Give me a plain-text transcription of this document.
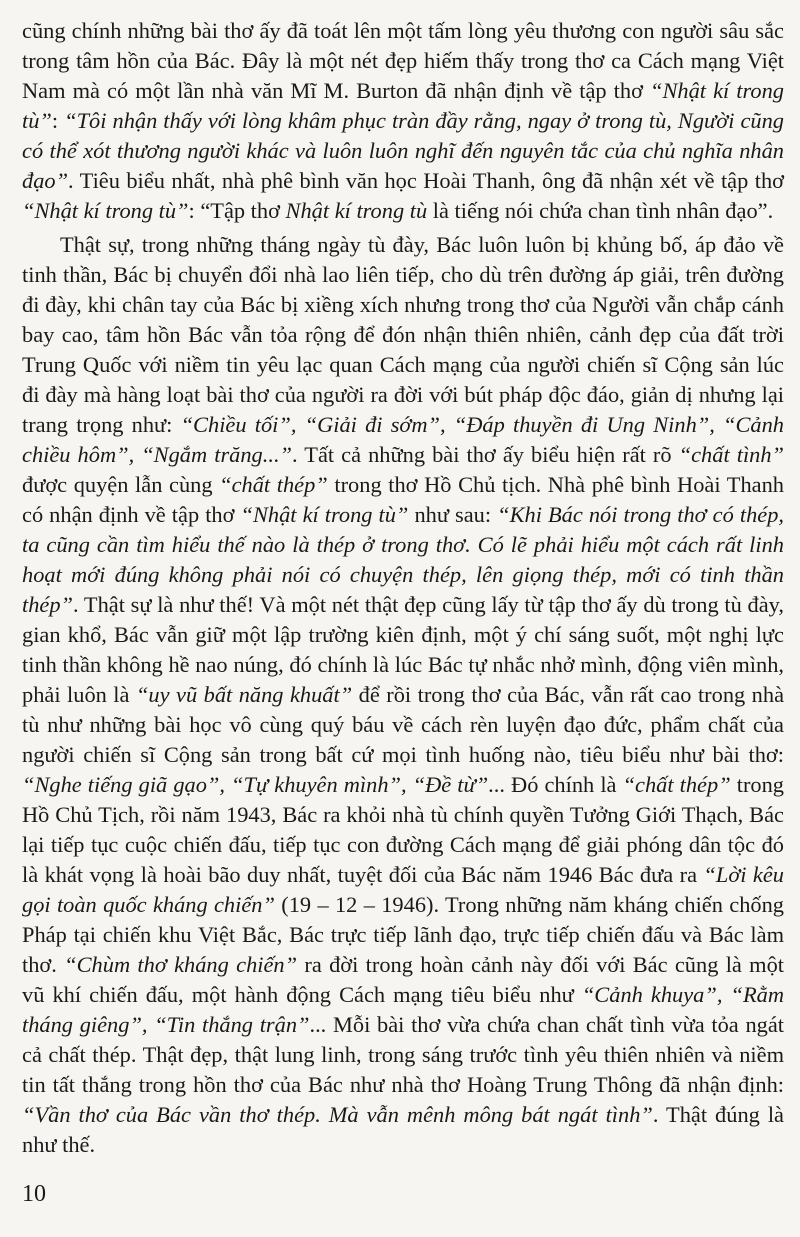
cũng chính những bài thơ ấy đã toát lên một tấm lòng yêu thương con người sâu sắc trong tâm hồn của Bác. Đây là một nét đẹp hiếm thấy trong thơ ca Cách mạng Việt Nam mà có một lần nhà văn Mĩ M. Burton đã nhận định về tập thơ “Nhật kí trong tù”: “Tôi nhận thấy với lòng khâm phục tràn đầy rằng, ngay ở trong tù, Người cũng có thể xót thương người khác và luôn luôn nghĩ đến nguyên tắc của chủ nghĩa nhân đạo”. Tiêu biểu nhất, nhà phê bình văn học Hoài Thanh, ông đã nhận xét về tập thơ “Nhật kí trong tù”: “Tập thơ Nhật kí trong tù là tiếng nói chứa chan tình nhân đạo”.

Thật sự, trong những tháng ngày tù đày, Bác luôn luôn bị khủng bố, áp đảo về tinh thần, Bác bị chuyển đổi nhà lao liên tiếp, cho dù trên đường áp giải, trên đường đi đày, khi chân tay của Bác bị xiềng xích nhưng trong thơ của Người vẫn chắp cánh bay cao, tâm hồn Bác vẫn tỏa rộng để đón nhận thiên nhiên, cảnh đẹp của đất trời Trung Quốc với niềm tin yêu lạc quan Cách mạng của người chiến sĩ Cộng sản lúc đi đày mà hàng loạt bài thơ của người ra đời với bút pháp độc đáo, giản dị nhưng lại trang trọng như: “Chiều tối”, “Giải đi sớm”, “Đáp thuyền đi Ung Ninh”, “Cảnh chiều hôm”, “Ngắm trăng...”. Tất cả những bài thơ ấy biểu hiện rất rõ “chất tình” được quyện lẫn cùng “chất thép” trong thơ Hồ Chủ tịch. Nhà phê bình Hoài Thanh có nhận định về tập thơ “Nhật kí trong tù” như sau: “Khi Bác nói trong thơ có thép, ta cũng cần tìm hiểu thế nào là thép ở trong thơ. Có lẽ phải hiểu một cách rất linh hoạt mới đúng không phải nói có chuyện thép, lên giọng thép, mới có tinh thần thép”. Thật sự là như thế! Và một nét thật đẹp cũng lấy từ tập thơ ấy dù trong tù đày, gian khổ, Bác vẫn giữ một lập trường kiên định, một ý chí sáng suốt, một nghị lực tinh thần không hề nao núng, đó chính là lúc Bác tự nhắc nhở mình, động viên mình, phải luôn là “uy vũ bất năng khuất” để rồi trong thơ của Bác, vẫn rất cao trong nhà tù như những bài học vô cùng quý báu về cách rèn luyện đạo đức, phẩm chất của người chiến sĩ Cộng sản trong bất cứ mọi tình huống nào, tiêu biểu như bài thơ: “Nghe tiếng giã gạo”, “Tự khuyên mình”, “Đề từ”... Đó chính là “chất thép” trong Hồ Chủ Tịch, rồi năm 1943, Bác ra khỏi nhà tù chính quyền Tưởng Giới Thạch, Bác lại tiếp tục cuộc chiến đấu, tiếp tục con đường Cách mạng để giải phóng dân tộc đó là khát vọng là hoài bão duy nhất, tuyệt đối của Bác năm 1946 Bác đưa ra “Lời kêu gọi toàn quốc kháng chiến” (19 – 12 – 1946). Trong những năm kháng chiến chống Pháp tại chiến khu Việt Bắc, Bác trực tiếp lãnh đạo, trực tiếp chiến đấu và Bác làm thơ. “Chùm thơ kháng chiến” ra đời trong hoàn cảnh này đối với Bác cũng là một vũ khí chiến đấu, một hành động Cách mạng tiêu biểu như “Cảnh khuya”, “Rằm tháng giêng”, “Tin thắng trận”... Mỗi bài thơ vừa chứa chan chất tình vừa tỏa ngát cả chất thép. Thật đẹp, thật lung linh, trong sáng trước tình yêu thiên nhiên và niềm tin tất thắng trong hồn thơ của Bác như nhà thơ Hoàng Trung Thông đã nhận định: “Vần thơ của Bác vần thơ thép. Mà vẫn mênh mông bát ngát tình”. Thật đúng là như thế.

10
